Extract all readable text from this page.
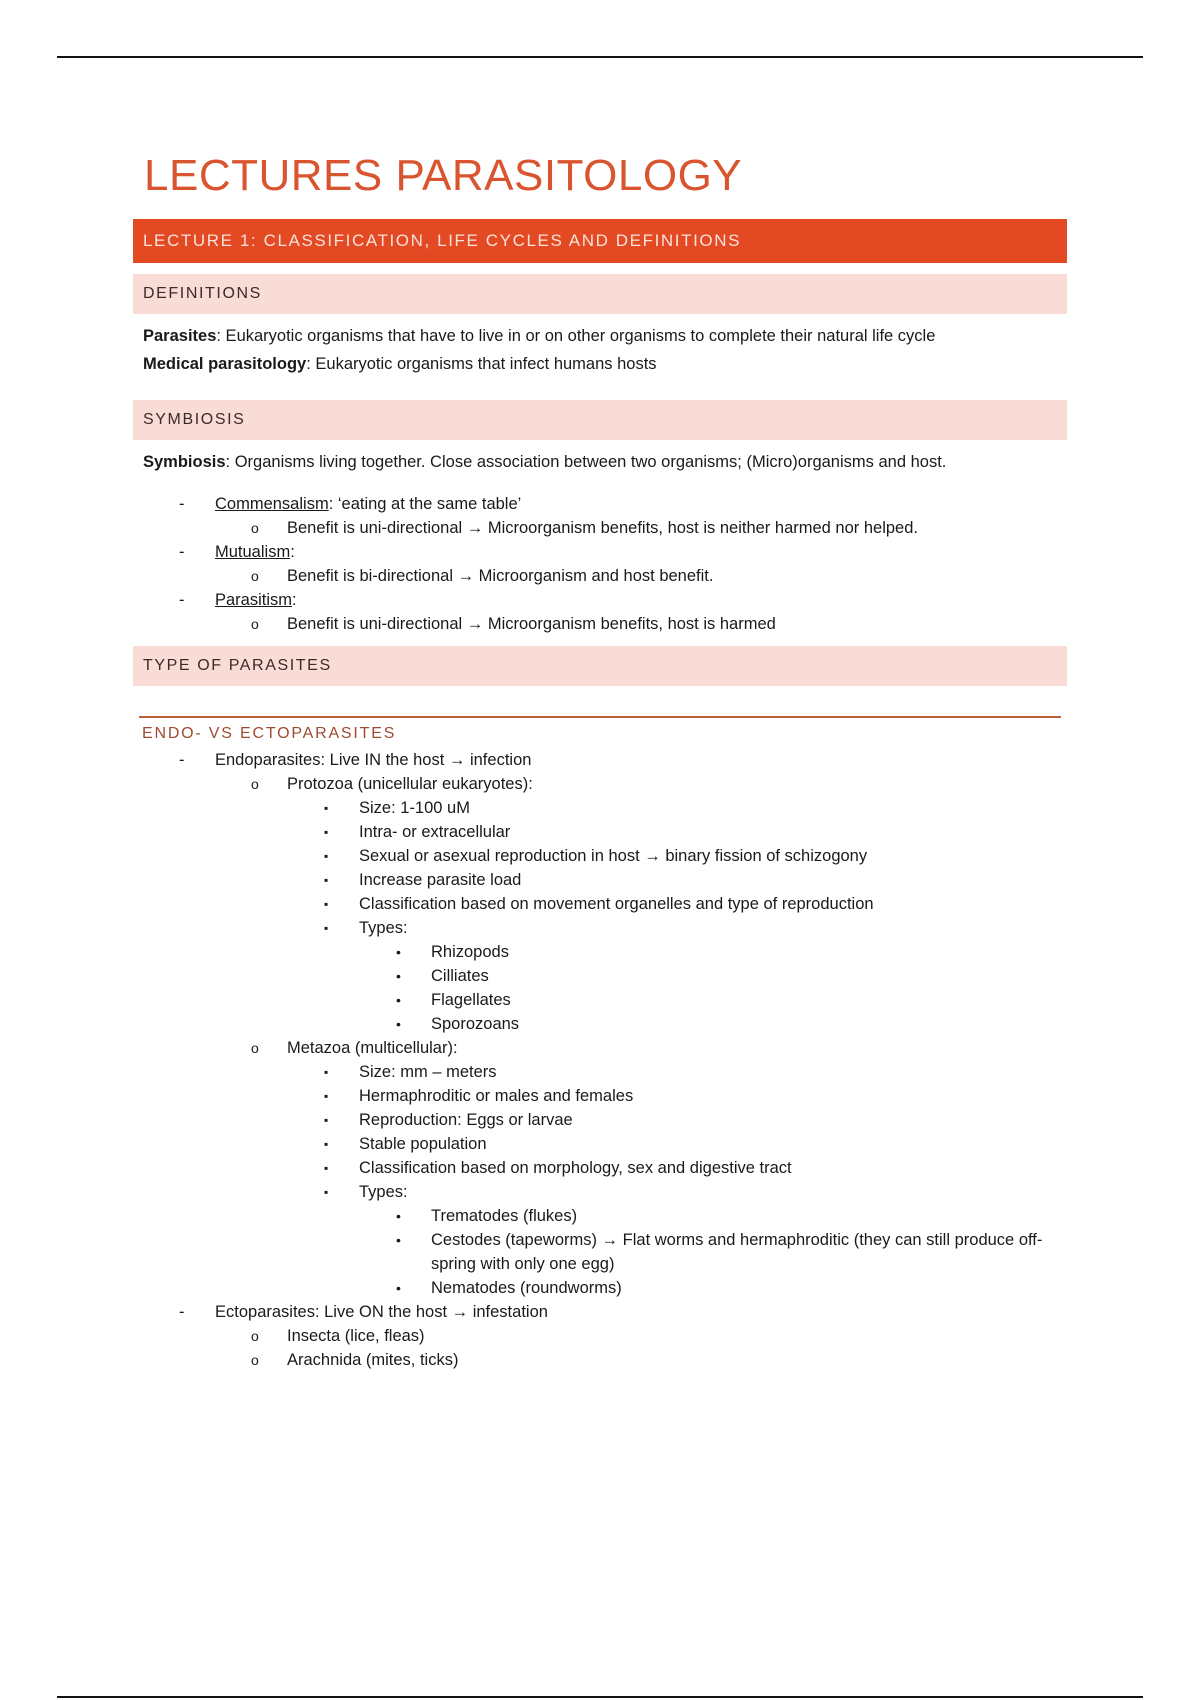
LECTURES PARASITOLOGY
LECTURE 1: CLASSIFICATION, LIFE CYCLES AND DEFINITIONS
DEFINITIONS
Parasites: Eukaryotic organisms that have to live in or on other organisms to complete their natural life cycle
Medical parasitology: Eukaryotic organisms that infect humans hosts
SYMBIOSIS
Symbiosis: Organisms living together. Close association between two organisms; (Micro)organisms and host.
- Commensalism: ‘eating at the same table’
o Benefit is uni-directional → Microorganism benefits, host is neither harmed nor helped.
- Mutualism:
o Benefit is bi-directional → Microorganism and host benefit.
- Parasitism:
o Benefit is uni-directional → Microorganism benefits, host is harmed
TYPE OF PARASITES
ENDO- VS ECTOPARASITES
- Endoparasites: Live IN the host → infection
o Protozoa (unicellular eukaryotes):
▪ Size: 1-100 uM
▪ Intra- or extracellular
▪ Sexual or asexual reproduction in host → binary fission of schizogony
▪ Increase parasite load
▪ Classification based on movement organelles and type of reproduction
▪ Types:
• Rhizopods
• Cilliates
• Flagellates
• Sporozoans
o Metazoa (multicellular):
▪ Size: mm – meters
▪ Hermaphroditic or males and females
▪ Reproduction: Eggs or larvae
▪ Stable population
▪ Classification based on morphology, sex and digestive tract
▪ Types:
• Trematodes (flukes)
• Cestodes (tapeworms) → Flat worms and hermaphroditic (they can still produce off-spring with only one egg)
• Nematodes (roundworms)
- Ectoparasites: Live ON the host → infestation
o Insecta (lice, fleas)
o Arachnida (mites, ticks)
